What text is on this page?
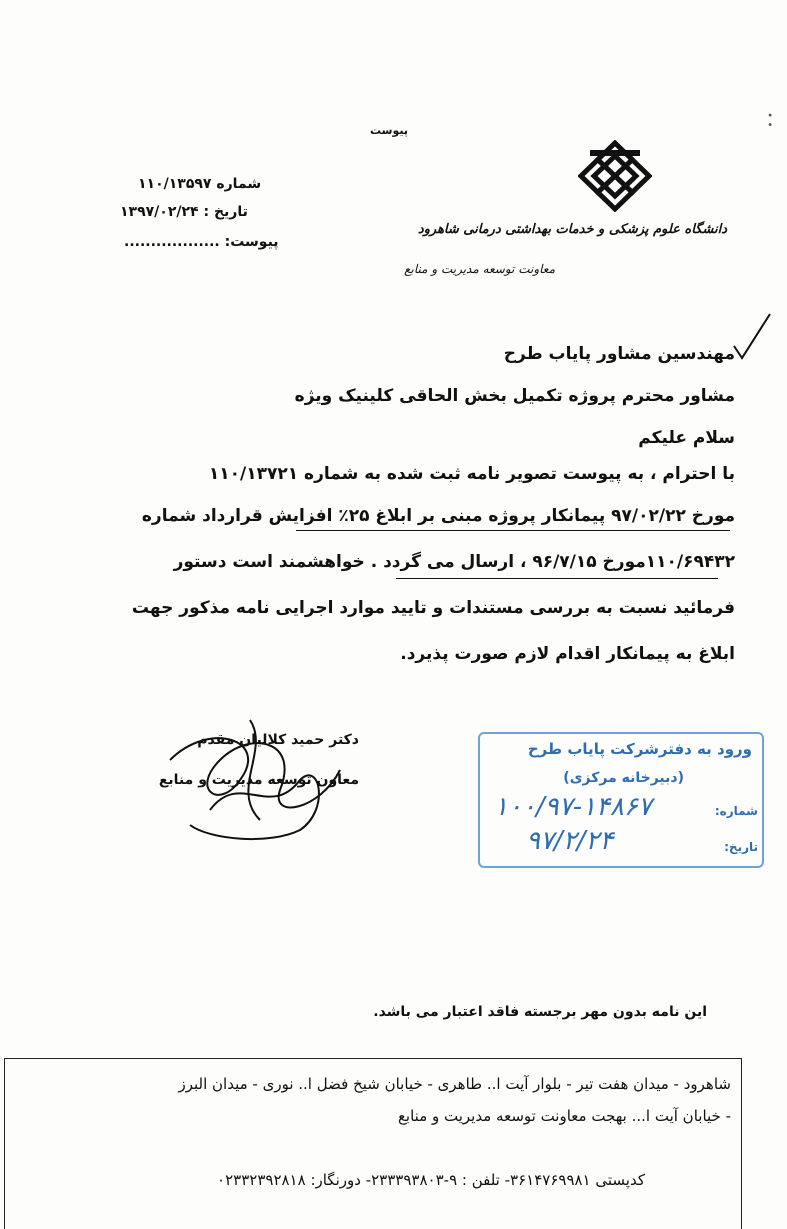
پیوست
∙ ∙
شماره ۱۱۰/۱۳۵۹۷
تاریخ : ۱۳۹۷/۰۲/۲۴
پیوست: ..................
دانشگاه علوم پزشکی و خدمات بهداشتی درمانی شاهرود
معاونت توسعه مدیریت و منابع
مهندسین مشاور پایاب طرح
مشاور محترم پروژه تکمیل بخش الحاقی کلینیک ویژه
سلام علیکم
با احترام ، به پیوست تصویر نامه ثبت شده به شماره ۱۱۰/۱۳۷۲۱
مورخ ۹۷/۰۲/۲۲ پیمانکار پروژه مبنی بر ابلاغ ۲۵٪ افزایش قرارداد شماره
۱۱۰/۶۹۴۳۲مورخ ۹۶/۷/۱۵ ، ارسال می گردد . خواهشمند است دستور
فرمائید نسبت به بررسی مستندات و تایید موارد اجرایی نامه مذکور جهت
ابلاغ به پیمانکار اقدام لازم صورت پذیرد.
دکتر حمید کلالیان مقدم
معاون توسعه مدیریت و منابع
ورود به دفترشرکت پایاب طرح
(دبیرخانه مرکزی)
شماره:
۱۰۰/۹۷-۱۴۸۶۷
تاریخ:
۹۷/۲/۲۴
این نامه بدون مهر برجسته فاقد اعتبار می باشد.
شاهرود - میدان هفت تیر - بلوار آیت ا.. طاهری - خیابان شیخ فضل ا.. نوری - میدان البرز
- خیابان آیت ا... بهجت معاونت توسعه مدیریت و منابع
کدپستی ۳۶۱۴۷۶۹۹۸۱- تلفن : ۹-۲۳۳۳۹۳۸۰۳- دورنگار: ۰۲۳۳۲۳۹۲۸۱۸
